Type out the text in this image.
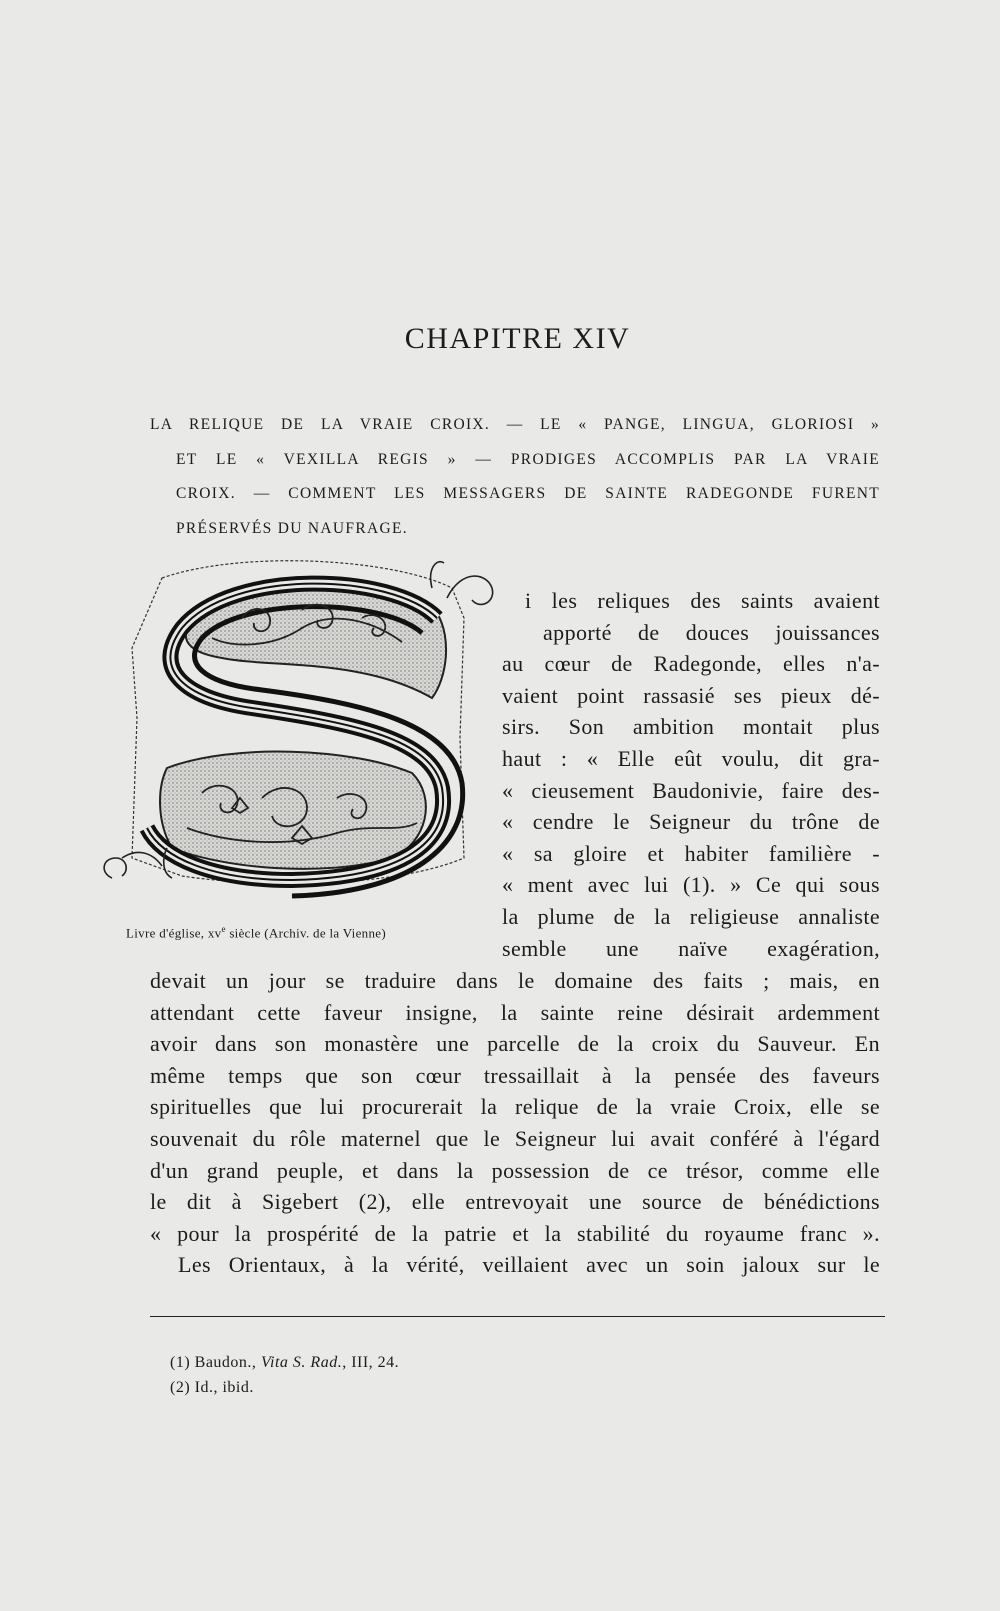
CHAPITRE XIV
LA RELIQUE DE LA VRAIE CROIX. — LE « PANGE, LINGUA, GLORIOSI »
ET LE « VEXILLA REGIS » — PRODIGES ACCOMPLIS PAR LA VRAIE
CROIX. — COMMENT LES MESSAGERS DE SAINTE RADEGONDE FURENT
PRÉSERVÉS DU NAUFRAGE.
Livre d'église, $xv^e$ siècle (Archiv. de la Vienne)
i les reliques des saints avaient
apporté de douces jouissances
au cœur de Radegonde, elles n'a-
vaient point rassasié ses pieux dé-
sirs. Son ambition montait plus
haut : « Elle eût voulu, dit gra-
« cieusement Baudonivie, faire des-
« cendre le Seigneur du trône de
« sa gloire et habiter familière -
« ment avec lui (1). » Ce qui sous
la plume de la religieuse annaliste
semble une naïve exagération,
devait un jour se traduire dans le domaine des faits ; mais, en
attendant cette faveur insigne, la sainte reine désirait ardemment
avoir dans son monastère une parcelle de la croix du Sauveur. En
même temps que son cœur tressaillait à la pensée des faveurs
spirituelles que lui procurerait la relique de la vraie Croix, elle se
souvenait du rôle maternel que le Seigneur lui avait conféré à l'égard
d'un grand peuple, et dans la possession de ce trésor, comme elle
le dit à Sigebert (2), elle entrevoyait une source de bénédictions
« pour la prospérité de la patrie et la stabilité du royaume franc ».
Les Orientaux, à la vérité, veillaient avec un soin jaloux sur le
(1) Baudon., Vita S. Rad., III, 24.
(2) Id., ibid.
